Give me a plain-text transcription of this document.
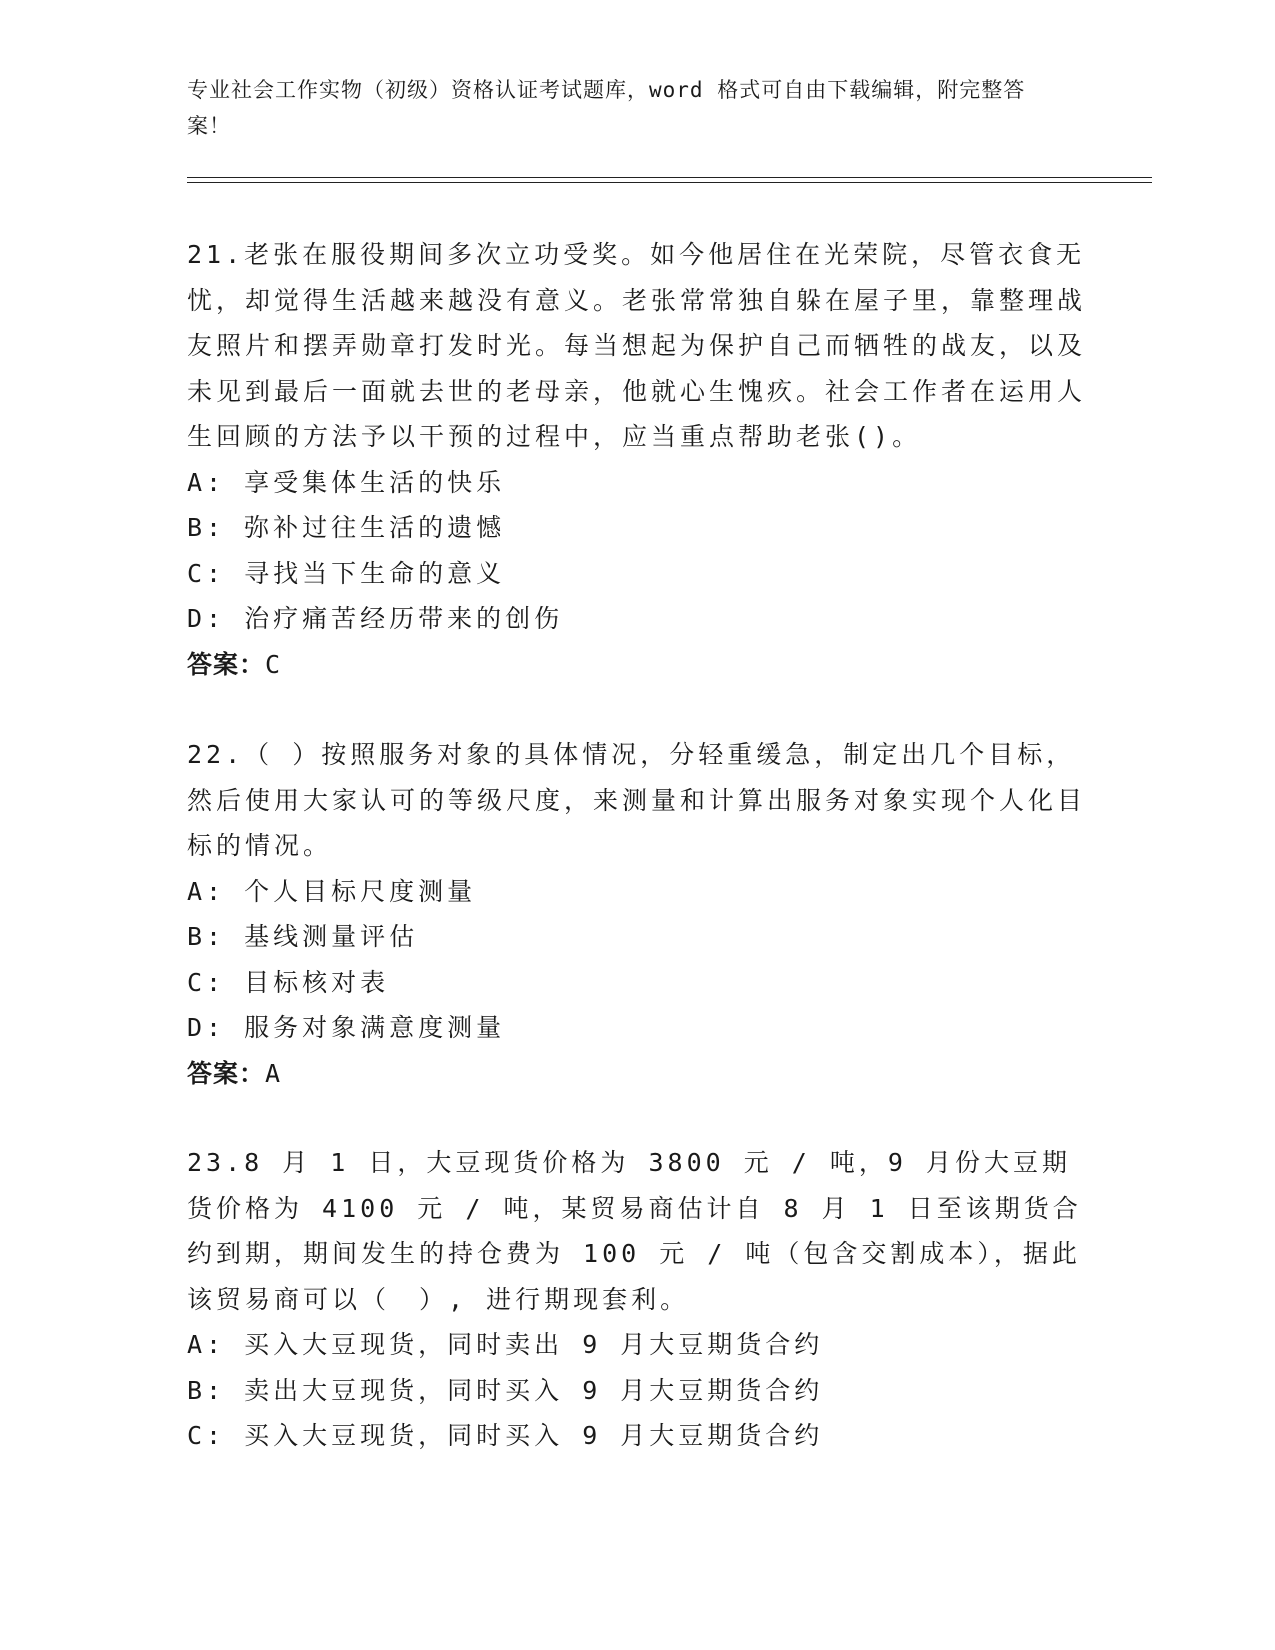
专业社会工作实物（初级）资格认证考试题库，word 格式可自由下载编辑，附完整答案！

21.老张在服役期间多次立功受奖。如今他居住在光荣院，尽管衣食无忧，却觉得生活越来越没有意义。老张常常独自躲在屋子里，靠整理战友照片和摆弄勋章打发时光。每当想起为保护自己而牺牲的战友，以及未见到最后一面就去世的老母亲，他就心生愧疚。社会工作者在运用人生回顾的方法予以干预的过程中，应当重点帮助老张()。

A: 享受集体生活的快乐

B: 弥补过往生活的遗憾

C: 寻找当下生命的意义

D: 治疗痛苦经历带来的创伤

答案：C

22.（ ）按照服务对象的具体情况，分轻重缓急，制定出几个目标，然后使用大家认可的等级尺度，来测量和计算出服务对象实现个人化目标的情况。

A: 个人目标尺度测量

B: 基线测量评估

C: 目标核对表

D: 服务对象满意度测量

答案：A

23.8 月 1 日，大豆现货价格为 3800 元 / 吨，9 月份大豆期货价格为 4100 元 / 吨，某贸易商估计自 8 月 1 日至该期货合约到期，期间发生的持仓费为 100 元 / 吨（包含交割成本），据此该贸易商可以（　）, 进行期现套利。

A: 买入大豆现货，同时卖出 9 月大豆期货合约

B: 卖出大豆现货，同时买入 9 月大豆期货合约

C: 买入大豆现货，同时买入 9 月大豆期货合约
